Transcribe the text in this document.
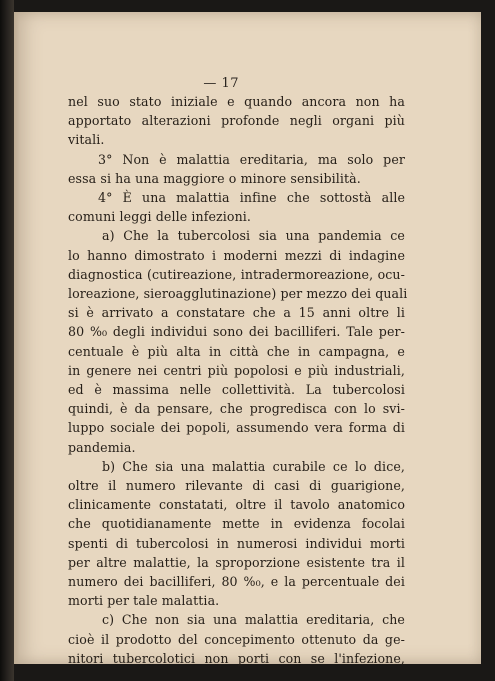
— 17
nel suo stato iniziale e quando ancora non ha
apportato alterazioni profonde negli organi più
vitali.
3° Non è malattia ereditaria, ma solo per
essa si ha una maggiore o minore sensibilità.
4° È una malattia infine che sottostà alle
comuni leggi delle infezioni.
a) Che la tubercolosi sia una pandemia ce
lo hanno dimostrato i moderni mezzi di indagine
diagnostica (cutireazione, intradermoreazione, ocu-
loreazione, sieroagglutinazione) per mezzo dei quali
si è arrivato a constatare che a 15 anni oltre li
80 %₀ degli individui sono dei bacilliferi. Tale per-
centuale è più alta in città che in campagna, e
in genere nei centri più popolosi e più industriali,
ed è massima nelle collettività. La tubercolosi
quindi, è da pensare, che progredisca con lo svi-
luppo sociale dei popoli, assumendo vera forma di
pandemia.
b) Che sia una malattia curabile ce lo dice,
oltre il numero rilevante di casi di guarigione,
clinicamente constatati, oltre il tavolo anatomico
che quotidianamente mette in evidenza focolai
spenti di tubercolosi in numerosi individui morti
per altre malattie, la sproporzione esistente tra il
numero dei bacilliferi, 80 %₀, e la percentuale dei
morti per tale malattia.
c) Che non sia una malattia ereditaria, che
cioè il prodotto del concepimento ottenuto da ge-
nitori tubercolotici non porti con se l'infezione,
